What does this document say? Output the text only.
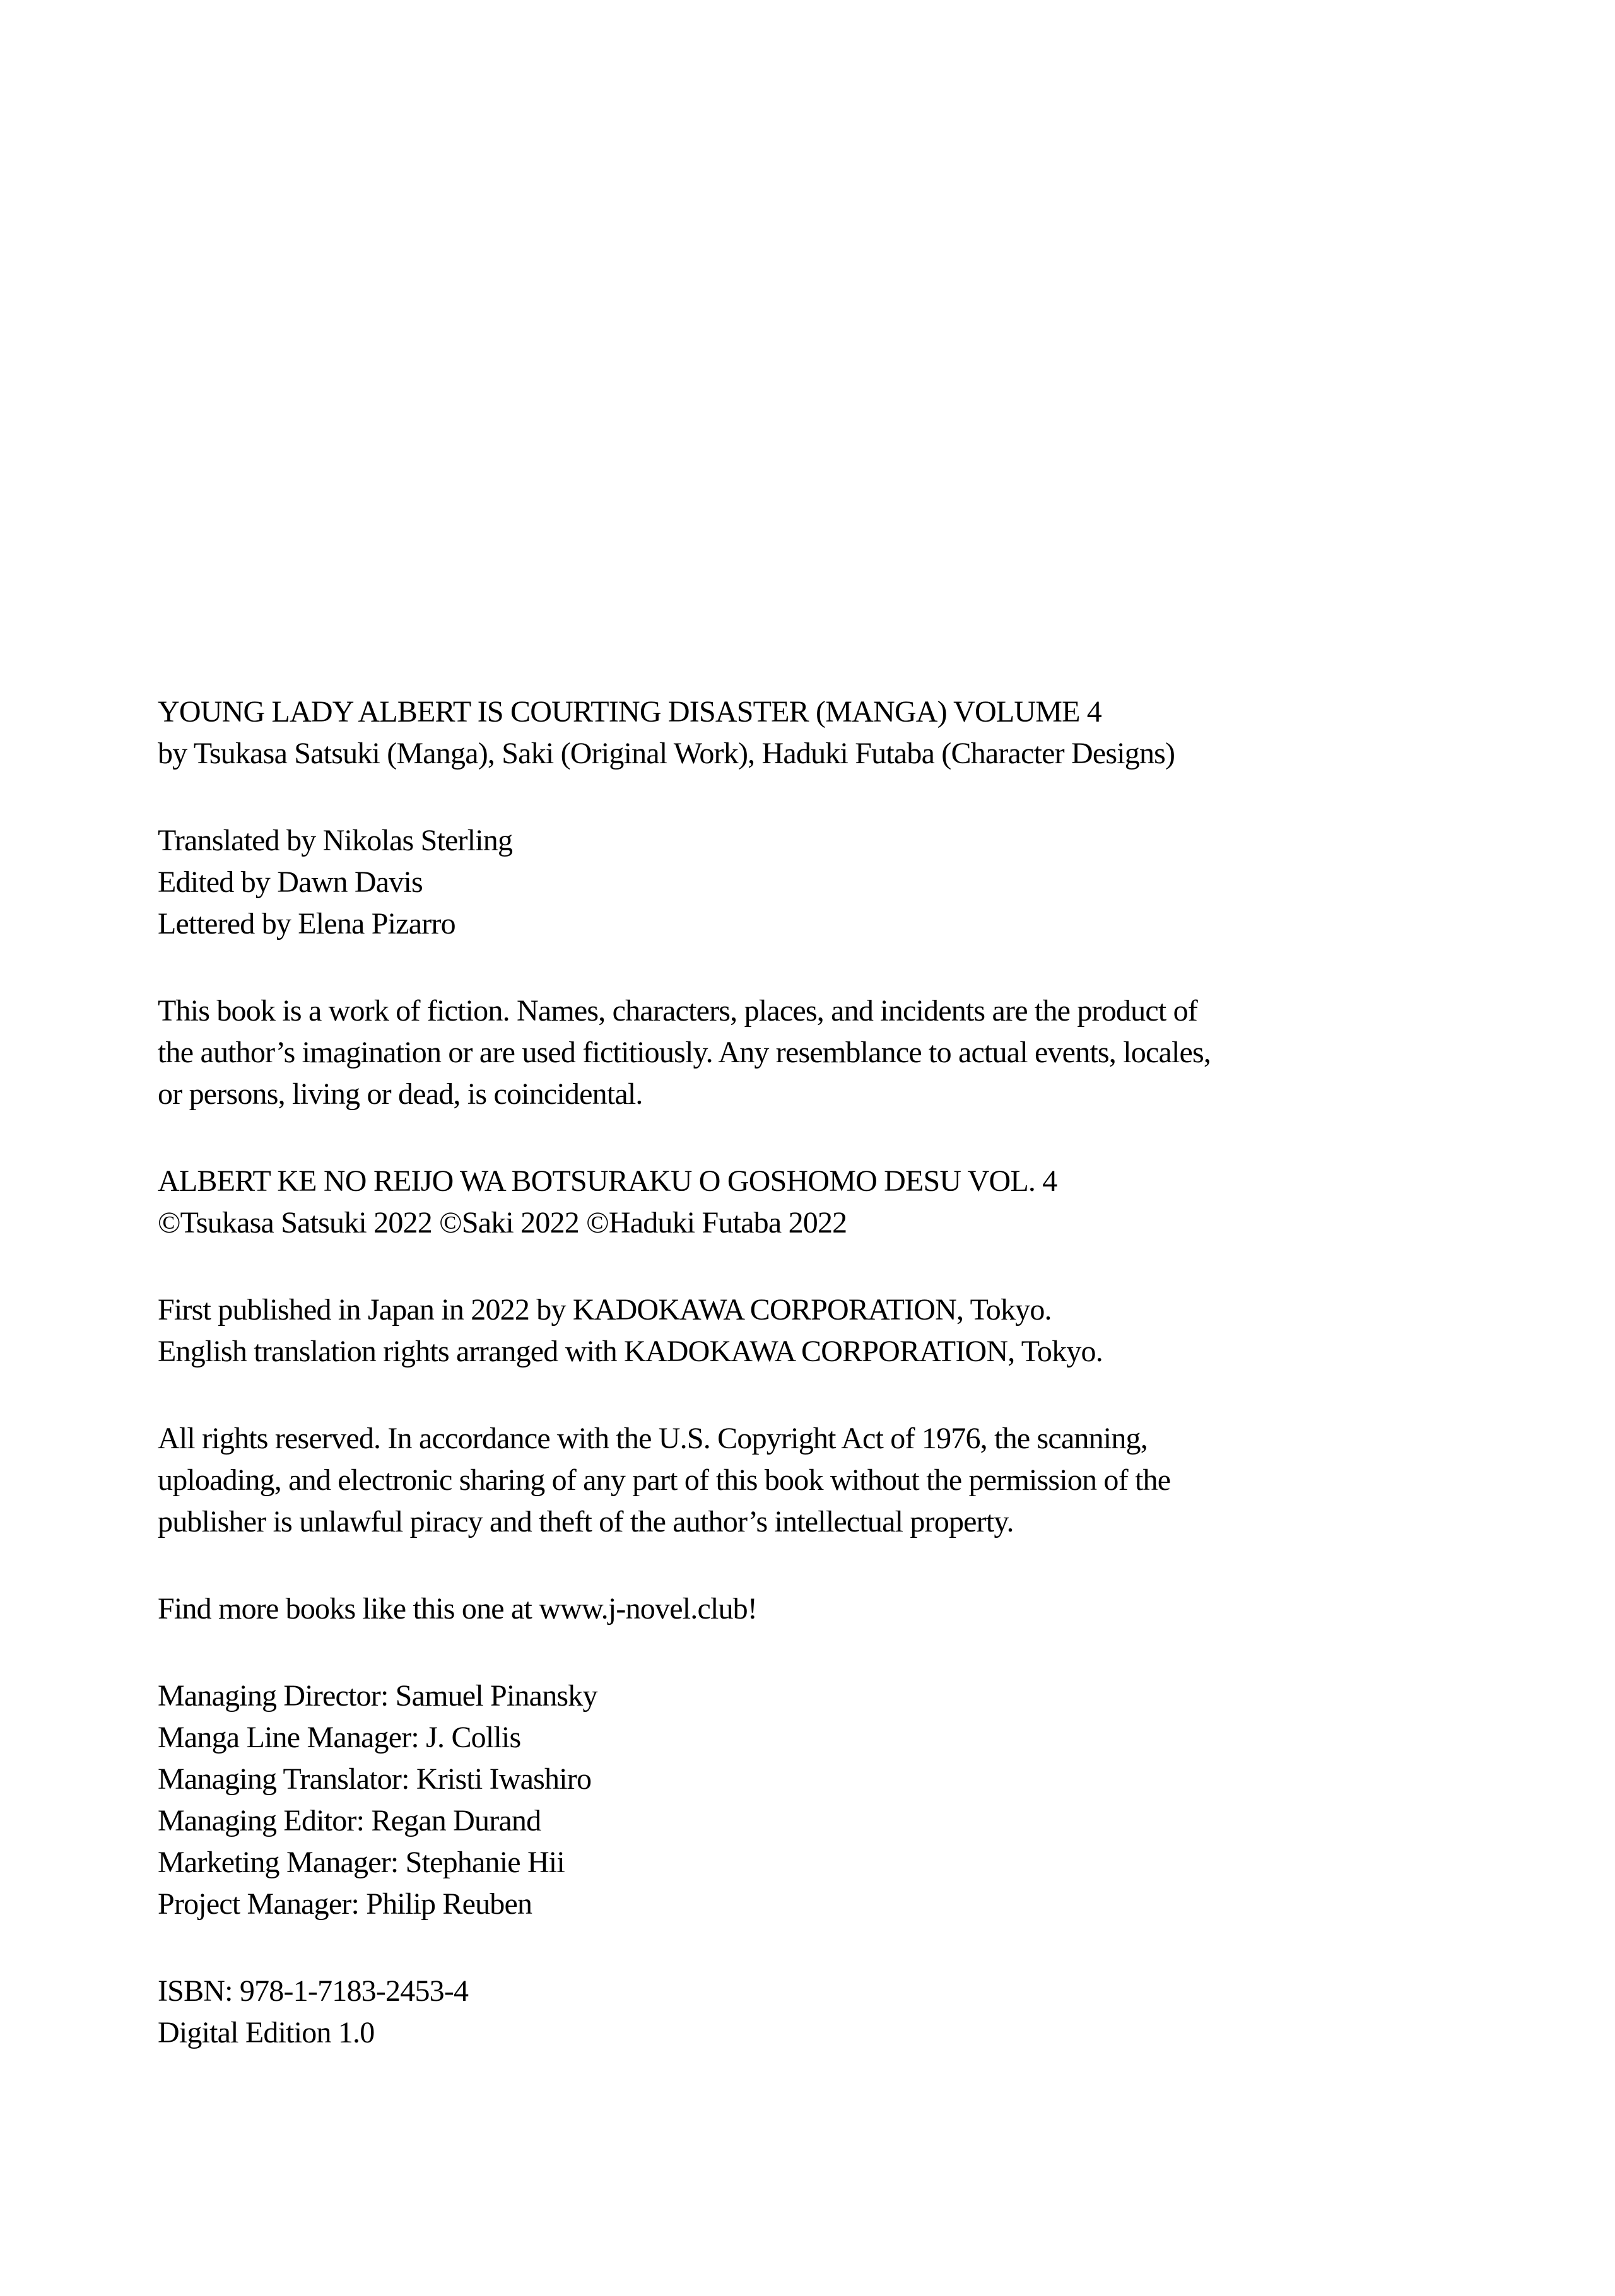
YOUNG LADY ALBERT IS COURTING DISASTER (MANGA) VOLUME 4
by Tsukasa Satsuki (Manga), Saki (Original Work), Haduki Futaba (Character Designs)
Translated by Nikolas Sterling
Edited by Dawn Davis
Lettered by Elena Pizarro
This book is a work of fiction. Names, characters, places, and incidents are the product of
the author’s imagination or are used fictitiously. Any resemblance to actual events, locales,
or persons, living or dead, is coincidental.
ALBERT KE NO REIJO WA BOTSURAKU O GOSHOMO DESU VOL. 4
©Tsukasa Satsuki 2022 ©Saki 2022 ©Haduki Futaba 2022
First published in Japan in 2022 by KADOKAWA CORPORATION, Tokyo.
English translation rights arranged with KADOKAWA CORPORATION, Tokyo.
All rights reserved. In accordance with the U.S. Copyright Act of 1976, the scanning,
uploading, and electronic sharing of any part of this book without the permission of the
publisher is unlawful piracy and theft of the author’s intellectual property.
Find more books like this one at www.j-novel.club!
Managing Director: Samuel Pinansky
Manga Line Manager: J. Collis
Managing Translator: Kristi Iwashiro
Managing Editor: Regan Durand
Marketing Manager: Stephanie Hii
Project Manager: Philip Reuben
ISBN: 978-1-7183-2453-4
Digital Edition 1.0
